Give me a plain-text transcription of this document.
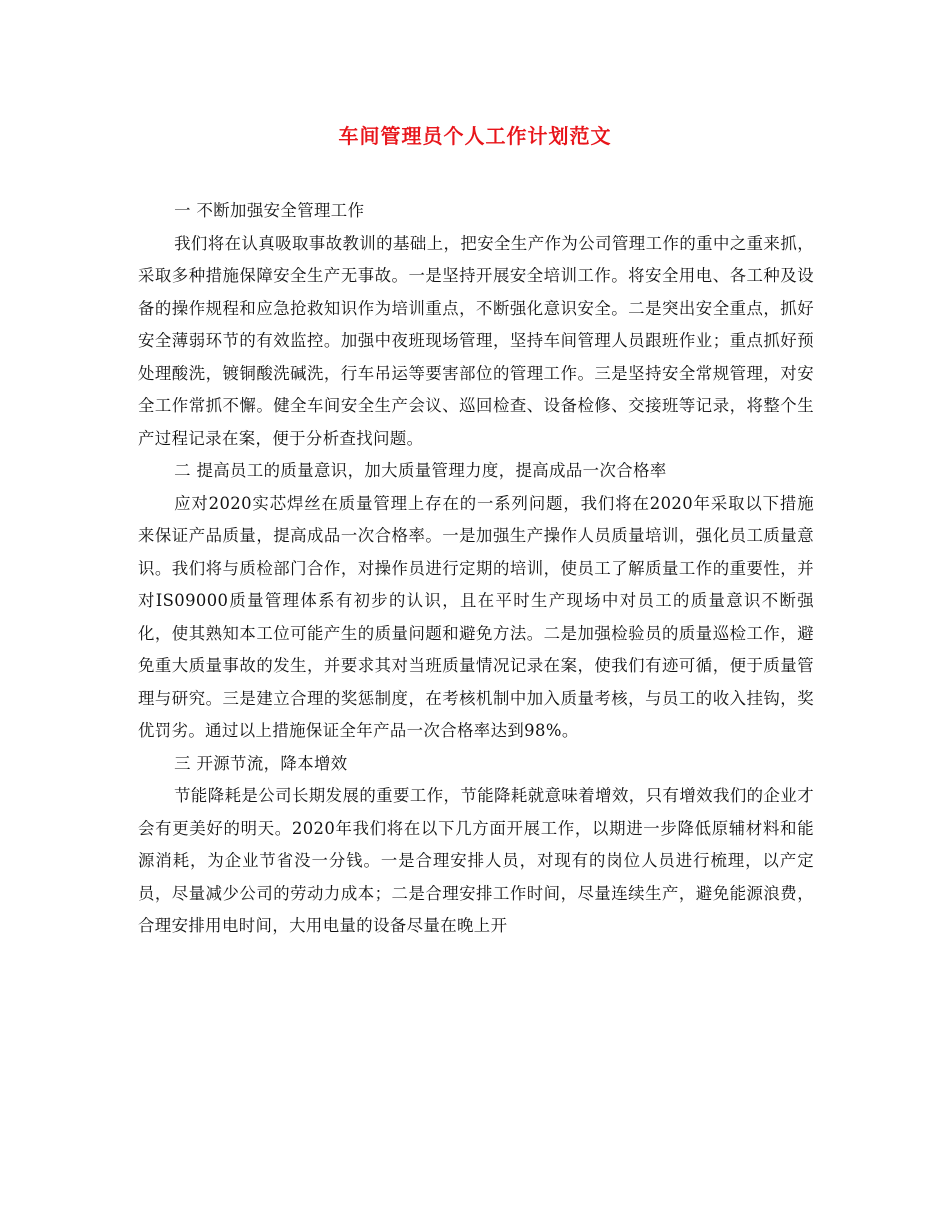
车间管理员个人工作计划范文

一 不断加强安全管理工作

我们将在认真吸取事故教训的基础上，把安全生产作为公司管理工作的重中之重来抓，采取多种措施保障安全生产无事故。一是坚持开展安全培训工作。将安全用电、各工种及设备的操作规程和应急抢救知识作为培训重点，不断强化意识安全。二是突出安全重点，抓好安全薄弱环节的有效监控。加强中夜班现场管理，坚持车间管理人员跟班作业；重点抓好预处理酸洗，镀铜酸洗碱洗，行车吊运等要害部位的管理工作。三是坚持安全常规管理，对安全工作常抓不懈。健全车间安全生产会议、巡回检查、设备检修、交接班等记录，将整个生产过程记录在案，便于分析查找问题。

二 提高员工的质量意识，加大质量管理力度，提高成品一次合格率

应对2020实芯焊丝在质量管理上存在的一系列问题，我们将在2020年采取以下措施来保证产品质量，提高成品一次合格率。一是加强生产操作人员质量培训，强化员工质量意识。我们将与质检部门合作，对操作员进行定期的培训，使员工了解质量工作的重要性，并对IS09000质量管理体系有初步的认识，且在平时生产现场中对员工的质量意识不断强化，使其熟知本工位可能产生的质量问题和避免方法。二是加强检验员的质量巡检工作，避免重大质量事故的发生，并要求其对当班质量情况记录在案，使我们有迹可循，便于质量管理与研究。三是建立合理的奖惩制度，在考核机制中加入质量考核，与员工的收入挂钩，奖优罚劣。通过以上措施保证全年产品一次合格率达到98%。

三 开源节流，降本增效

节能降耗是公司长期发展的重要工作，节能降耗就意味着增效，只有增效我们的企业才会有更美好的明天。2020年我们将在以下几方面开展工作，以期进一步降低原辅材料和能源消耗，为企业节省没一分钱。一是合理安排人员，对现有的岗位人员进行梳理，以产定员，尽量减少公司的劳动力成本；二是合理安排工作时间，尽量连续生产，避免能源浪费，合理安排用电时间，大用电量的设备尽量在晚上开
